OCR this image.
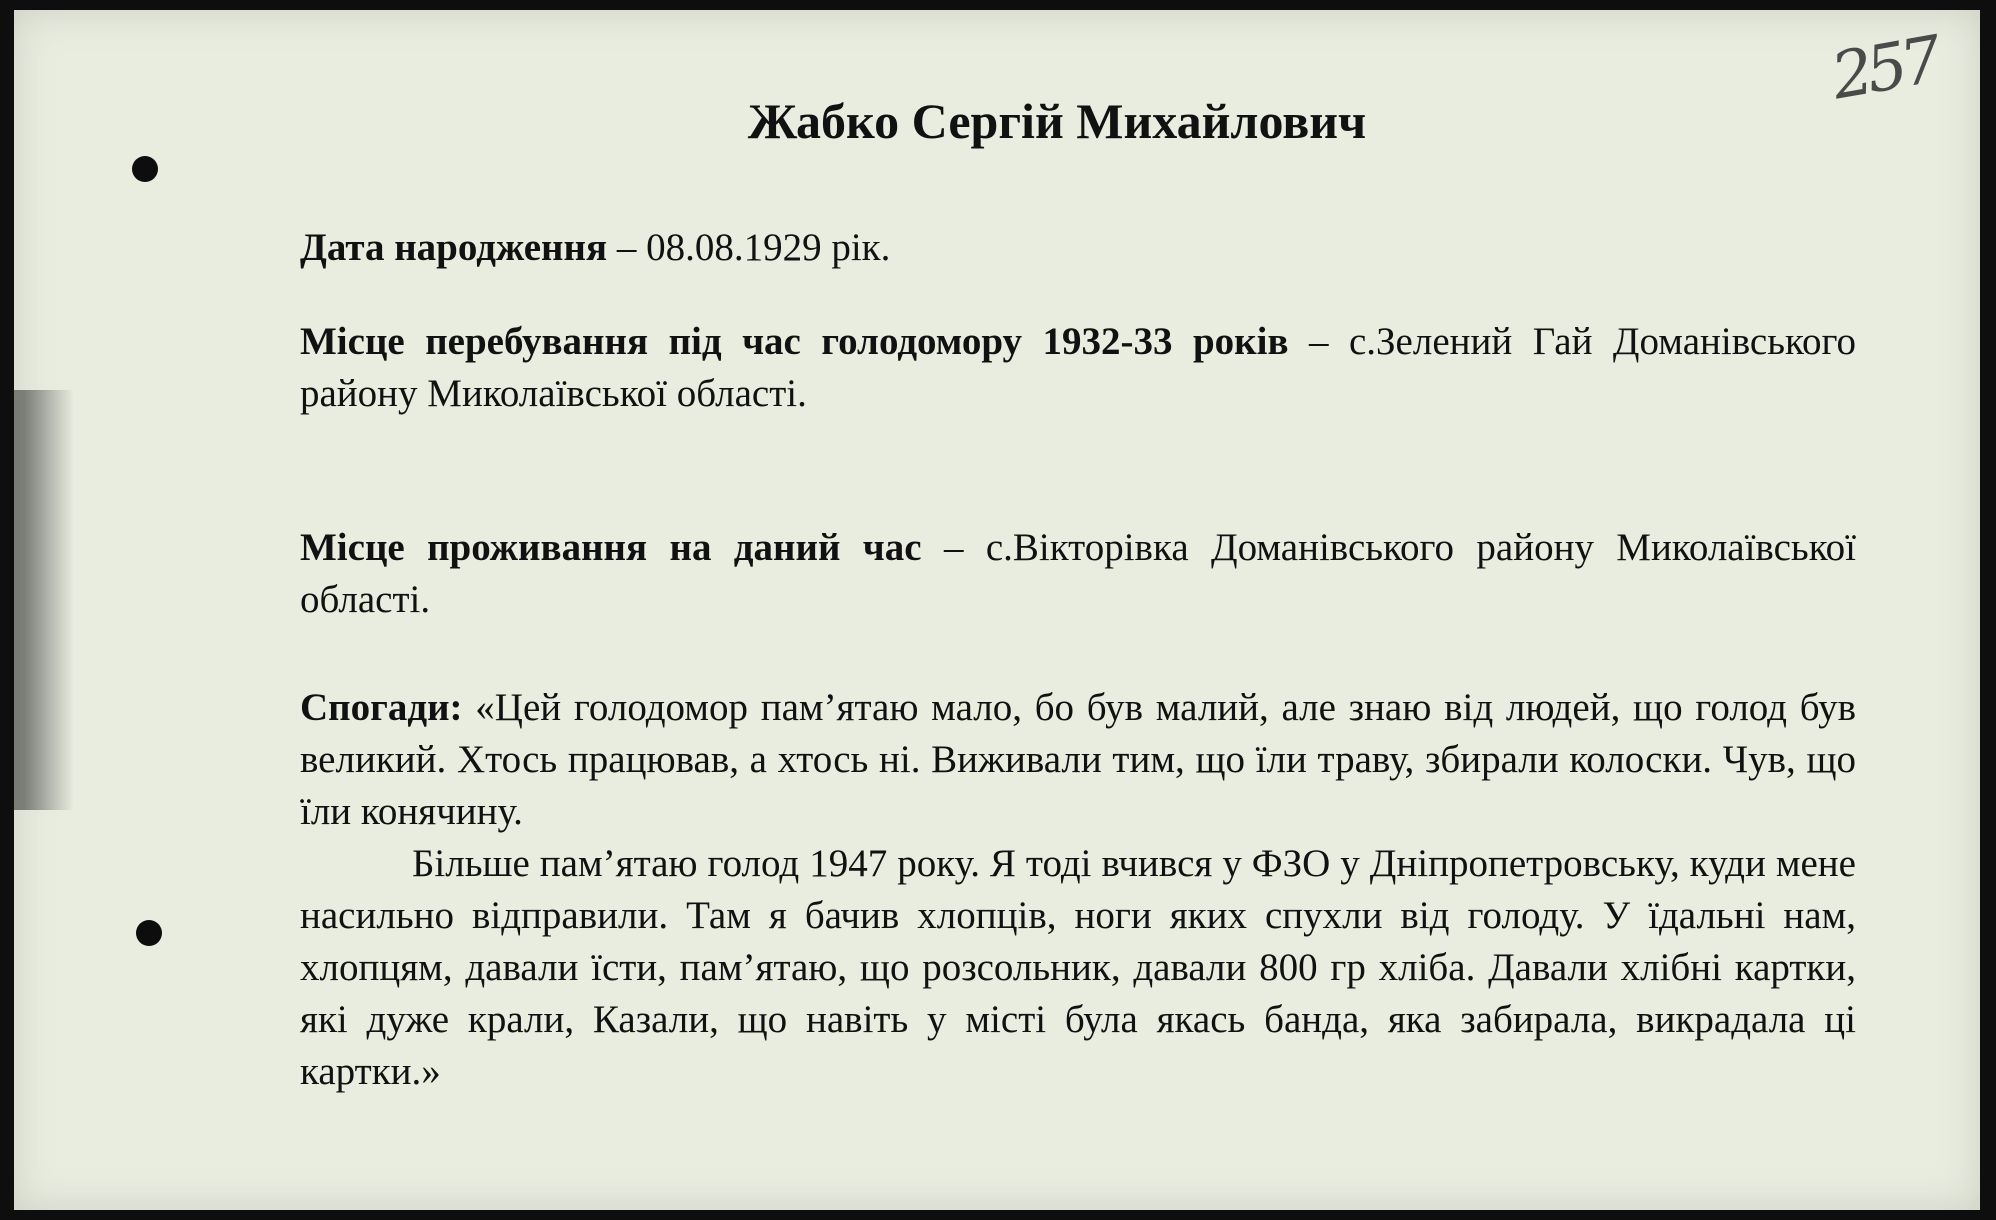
257
Жабко Сергій Михайлович

Дата народження – 08.08.1929 рік.

Місце перебування під час голодомору 1932-33 років – с.Зелений Гай Доманівського району Миколаївської області.

Місце проживання на даний час – с.Вікторівка Доманівського району Миколаївської області.

Спогади: «Цей голодомор пам’ятаю мало, бо був малий, але знаю від людей, що голод був великий. Хтось працював, а хтось ні. Виживали тим, що їли траву, збирали колоски. Чув, що їли конячину.

Більше пам’ятаю голод 1947 року. Я тоді вчився у ФЗО у Дніпропетровську, куди мене насильно відправили. Там я бачив хлопців, ноги яких спухли від голоду. У їдальні нам, хлопцям, давали їсти, пам’ятаю, що розсольник, давали 800 гр хліба. Давали хлібні картки, які дуже крали, Казали, що навіть у місті була якась банда, яка забирала, викрадала ці картки.»
